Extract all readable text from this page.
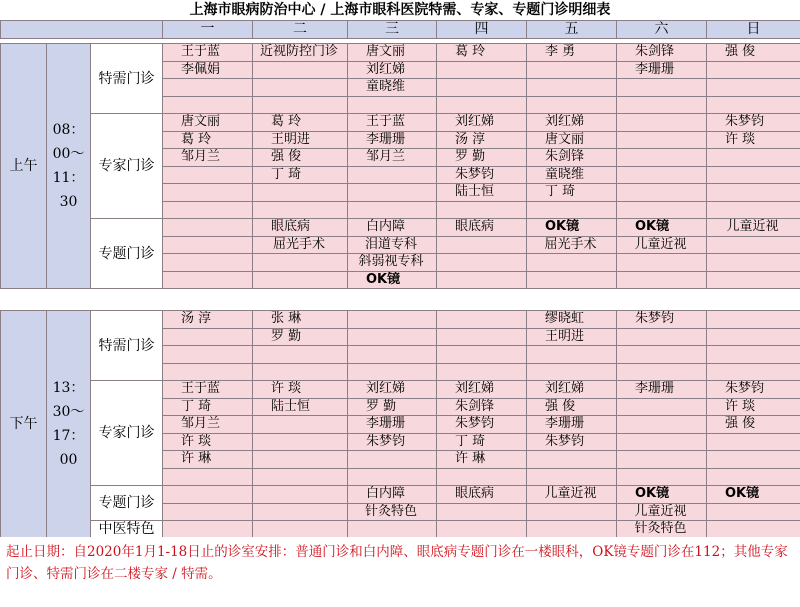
上海市眼病防治中心 / 上海市眼科医院特需、专家、专题门诊明细表
	一	二	三	四	五	六	日
上午	08：00～11：30	特需门诊	王于蓝	近视防控门诊	唐文丽	葛 玲	李 勇	朱剑锋	强 俊
			李佩娟		刘红娣			李珊珊	
					童晓维				

		专家门诊	唐文丽	葛 玲	王于蓝	刘红娣	刘红娣		朱梦钧
			葛 玲	王明进	李珊珊	汤 淳	唐文丽		许 琰
			邹月兰	强 俊	邹月兰	罗 勤	朱剑锋		
				丁 琦		朱梦钧	童晓维		
						陆士恒	丁 琦		

		专题门诊		眼底病	白内障	眼底病	OK镜	OK镜	儿童近视
				屈光手术	泪道专科		屈光手术	儿童近视	
					斜弱视专科				
					OK镜				
下午	13：30～17：00	特需门诊	汤 淳	张 琳			缪晓虹	朱梦钧	
				罗 勤			王明进		

		专家门诊	王于蓝	许 琰	刘红娣	刘红娣	刘红娣	李珊珊	朱梦钧
			丁 琦	陆士恒	罗 勤	朱剑锋	强 俊		许 琰
			邹月兰		李珊珊	朱梦钧	李珊珊		强 俊
			许 琰		朱梦钧	丁 琦	朱梦钧		
			许 琳			许 琳			

		专题门诊			白内障	眼底病	儿童近视	OK镜	OK镜
					针灸特色			儿童近视	
		中医特色						针灸特色	
起止日期：自2020年1月1-18日止的诊室安排：普通门诊和白内障、眼底病专题门诊在一楼眼科，OK镜专题门诊在112；其他专家门诊、特需门诊在二楼专家 / 特需。
